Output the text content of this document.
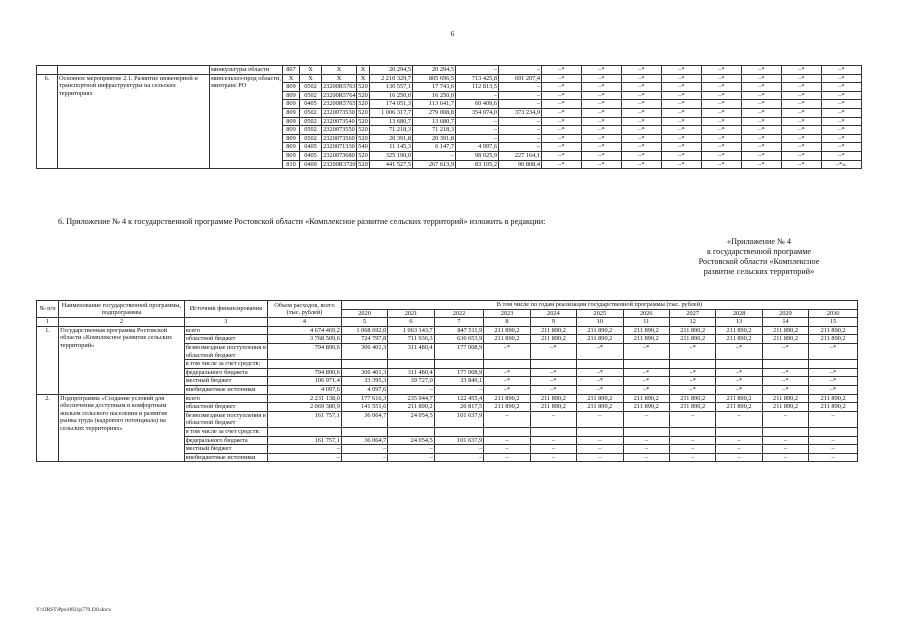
6
		минкультуры области	807	X	X	X	20 294,5	20 294,5	–	–	–*	–*	–*	–*	–*	–*	–*	–*
6.	Основное мероприятие 2.1. Развитие инженерной и транспортной инфраструктуры на сельских территориях	минсельхоз-прод области, минтранс РО	X	X	X	X	2 210 329,7	805 696,5	713 425,8	691 207,4	–*	–*	–*	–*	–*	–*	–*	–*
			809	0502	23200R5763	520	130 557,1	17 743,6	112 813,5	–	–*	–*	–*	–*	–*	–*	–*	–*
			809	0502	23200R5764	520	16 250,0	16 250,0	–	–	–*	–*	–*	–*	–*	–*	–*	–*
			809	0405	23200R5765	520	174 051,3	113 641,7	60 409,6	–	–*	–*	–*	–*	–*	–*	–*	–*
			809	0502	2320073530	520	1 006 317,7	279 008,8	354 074,0	373 234,9	–*	–*	–*	–*	–*	–*	–*	–*
			809	0502	2320073540	520	13 680,7	13 680,7	–	–	–*	–*	–*	–*	–*	–*	–*	–*
			809	0502	2320073550	520	71 218,3	71 218,3	–	–	–*	–*	–*	–*	–*	–*	–*	–*
			809	0502	2320073560	520	20 391,8	20 391,8	–	–	–*	–*	–*	–*	–*	–*	–*	–*
			809	0405	2320071330	540	11 145,3	6 147,7	4 997,6	–	–*	–*	–*	–*	–*	–*	–*	–*
			809	0405	2320073680	520	325 190,0	–	98 025,9	227 164,1	–*	–*	–*	–*	–*	–*	–*	–*
			810	0409	23200R3720	520	441 527,5	267 613,9	83 105,2	90 808,4	–*	–*	–*	–*	–*	–*	–*	–*».
6. Приложение № 4 к государственной программе Ростовской области «Комплексное развитие сельских территорий» изложить в редакции:
«Приложение № 4
к государственной программе
Ростовской области «Комплексное
развитие сельских территорий»
№ п/п	Наименование государственной программы, подпрограммы	Источник финансирования	Объем расходов, всего (тыс. рублей)	В том числе по годам реализации государственной программы (тыс. рублей)										
				2020	2021	2022	2023	2024	2025	2026	2027	2028	2029	2030
1	2	3	4	5	6	7	8	9	10	11	12	13	14	15
1.	Государственная программа Ростовской области «Комплексное развитие сельских территорий»	всего	4 674 469,2	1 068 692,0	1 063 143,7	847 511,9	211 890,2	211 890,2	211 890,2	211 890,2	211 890,2	211 890,2	211 890,2	211 890,2
		областной бюджет	3 768 509,6	724 797,8	711 936,3	636 653,9	211 890,2	211 890,2	211 890,2	211 890,2	211 890,2	211 890,2	211 890,2	211 890,2
		безвозмездные поступления в областной бюджет	794 890,6	306 401,3	311 480,4	177 008,9	–*	–*	–*	–*	–*	–*	–*	–*
		в том числе за счет средств:												
		федерального бюджета	794 890,6	306 401,3	311 480,4	177 008,9	–*	–*	–*	–*	–*	–*	–*	–*
		местный бюджет	106 971,4	33 395,3	39 727,0	33 849,1	–*	–*	–*	–*	–*	–*	–*	–*
		внебюджетные источники	4 097,6	4 097,6	–	–	–*	–*	–*	–*	–*	–*	–*	–*
2.	Подпрограмма «Создание условий для обеспечения доступным и комфортным жильем сельского населения и развитие рынка труда (кадрового потенциала) на сельских территориях»	всего	2 231 138,0	177 616,3	235 944,7	122 455,4	211 890,2	211 890,2	211 890,2	211 890,2	211 890,2	211 890,2	211 890,2	211 890,2
		областной бюджет	2 069 380,9	141 551,6	211 890,2	20 817,5	211 890,2	211 890,2	211 890,2	211 890,2	211 890,2	211 890,2	211 890,2	211 890,2
		безвозмездные поступления в областной бюджет	161 757,1	36 064,7	24 054,5	101 637,9	–	–	–	–	–	–	–	–
		в том числе за счет средств:												
		федерального бюджета	161 757,1	36 064,7	24 054,5	101 637,9	–	–	–	–	–	–	–	–
		местный бюджет	–	–	–	–	–	–	–	–	–	–	–	–
		внебюджетные источники	–	–	–	–	–	–	–	–	–	–	–	–
Y:\ORST\Ppo\0831p770.f20.docx
